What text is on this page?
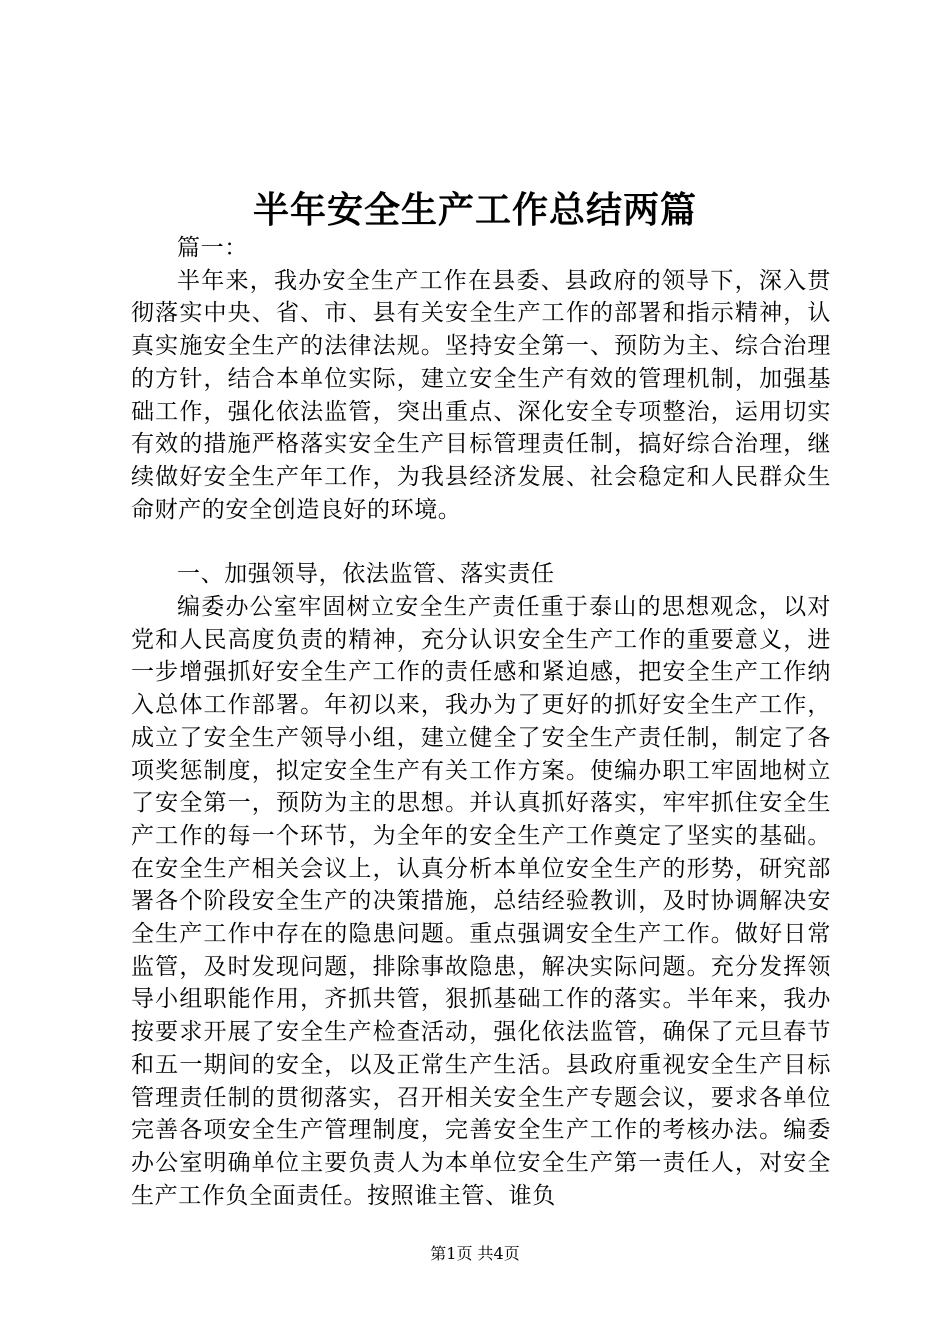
半年安全生产工作总结两篇

篇一：

半年来，我办安全生产工作在县委、县政府的领导下，深入贯彻落实中央、省、市、县有关安全生产工作的部署和指示精神，认真实施安全生产的法律法规。坚持安全第一、预防为主、综合治理的方针，结合本单位实际，建立安全生产有效的管理机制，加强基础工作，强化依法监管，突出重点、深化安全专项整治，运用切实有效的措施严格落实安全生产目标管理责任制，搞好综合治理，继续做好安全生产年工作，为我县经济发展、社会稳定和人民群众生命财产的安全创造良好的环境。

一、加强领导，依法监管、落实责任

编委办公室牢固树立安全生产责任重于泰山的思想观念，以对党和人民高度负责的精神，充分认识安全生产工作的重要意义，进一步增强抓好安全生产工作的责任感和紧迫感，把安全生产工作纳入总体工作部署。年初以来，我办为了更好的抓好安全生产工作，成立了安全生产领导小组，建立健全了安全生产责任制，制定了各项奖惩制度，拟定安全生产有关工作方案。使编办职工牢固地树立了安全第一，预防为主的思想。并认真抓好落实，牢牢抓住安全生产工作的每一个环节，为全年的安全生产工作奠定了坚实的基础。在安全生产相关会议上，认真分析本单位安全生产的形势，研究部署各个阶段安全生产的决策措施，总结经验教训，及时协调解决安全生产工作中存在的隐患问题。重点强调安全生产工作。做好日常监管，及时发现问题，排除事故隐患，解决实际问题。充分发挥领导小组职能作用，齐抓共管，狠抓基础工作的落实。半年来，我办按要求开展了安全生产检查活动，强化依法监管，确保了元旦春节和五一期间的安全，以及正常生产生活。县政府重视安全生产目标管理责任制的贯彻落实，召开相关安全生产专题会议，要求各单位完善各项安全生产管理制度，完善安全生产工作的考核办法。编委办公室明确单位主要负责人为本单位安全生产第一责任人，对安全生产工作负全面责任。按照谁主管、谁负

第1页 共4页
